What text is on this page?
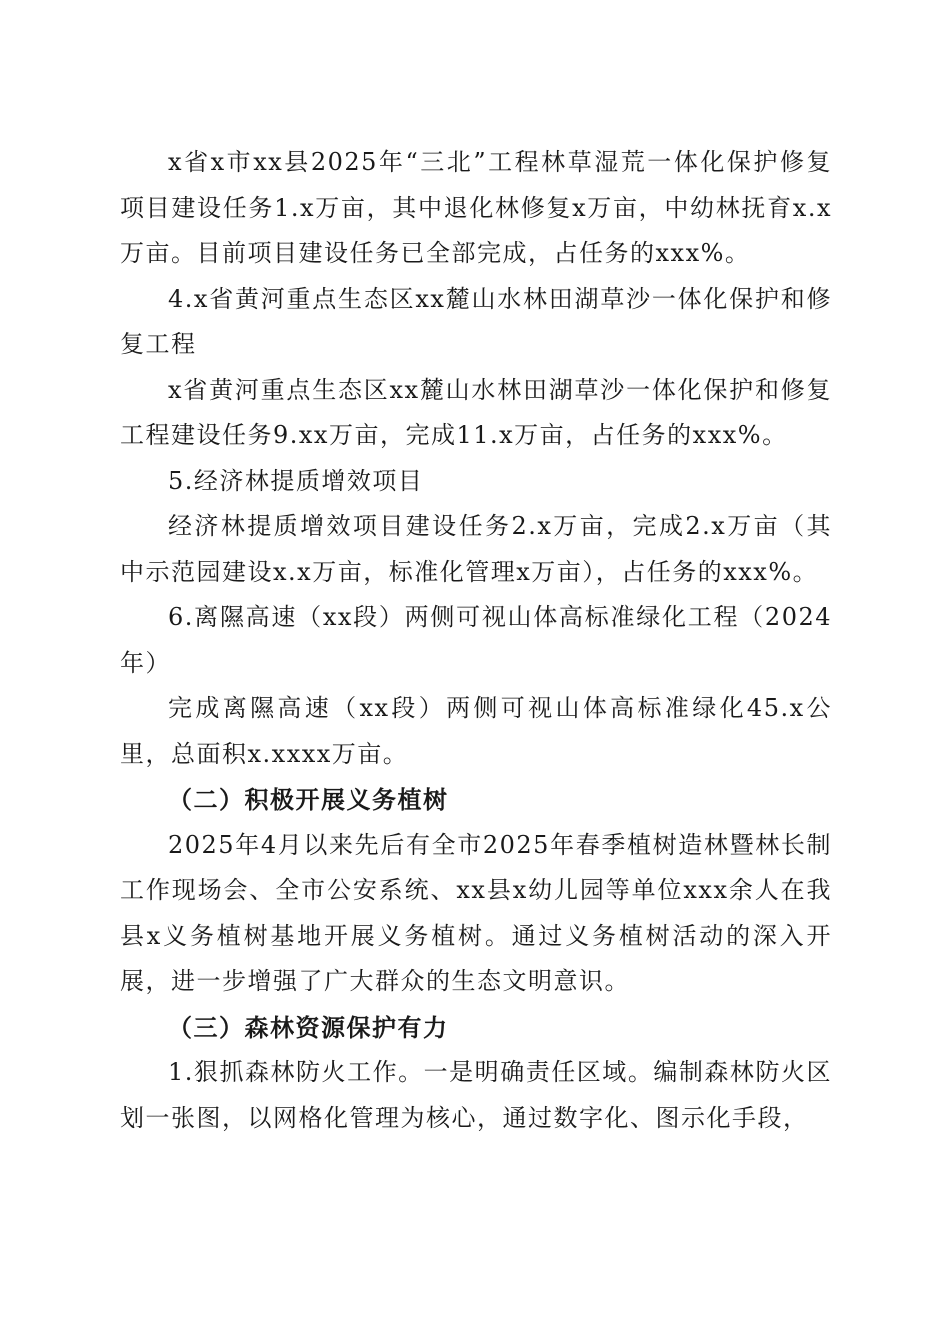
x省x市xx县2025年“三北”工程林草湿荒一体化保护修复项目建设任务1.x万亩，其中退化林修复x万亩，中幼林抚育x.x万亩。目前项目建设任务已全部完成，占任务的xxx%。

4.x省黄河重点生态区xx麓山水林田湖草沙一体化保护和修复工程

x省黄河重点生态区xx麓山水林田湖草沙一体化保护和修复工程建设任务9.xx万亩，完成11.x万亩，占任务的xxx%。

5.经济林提质增效项目

经济林提质增效项目建设任务2.x万亩，完成2.x万亩（其中示范园建设x.x万亩，标准化管理x万亩），占任务的xxx%。

6.离隰高速（xx段）两侧可视山体高标准绿化工程（2024年）

完成离隰高速（xx段）两侧可视山体高标准绿化45.x公里，总面积x.xxxx万亩。

（二）积极开展义务植树

2025年4月以来先后有全市2025年春季植树造林暨林长制工作现场会、全市公安系统、xx县x幼儿园等单位xxx余人在我县x义务植树基地开展义务植树。通过义务植树活动的深入开展，进一步增强了广大群众的生态文明意识。

（三）森林资源保护有力

1.狠抓森林防火工作。一是明确责任区域。编制森林防火区划一张图，以网格化管理为核心，通过数字化、图示化手段，
